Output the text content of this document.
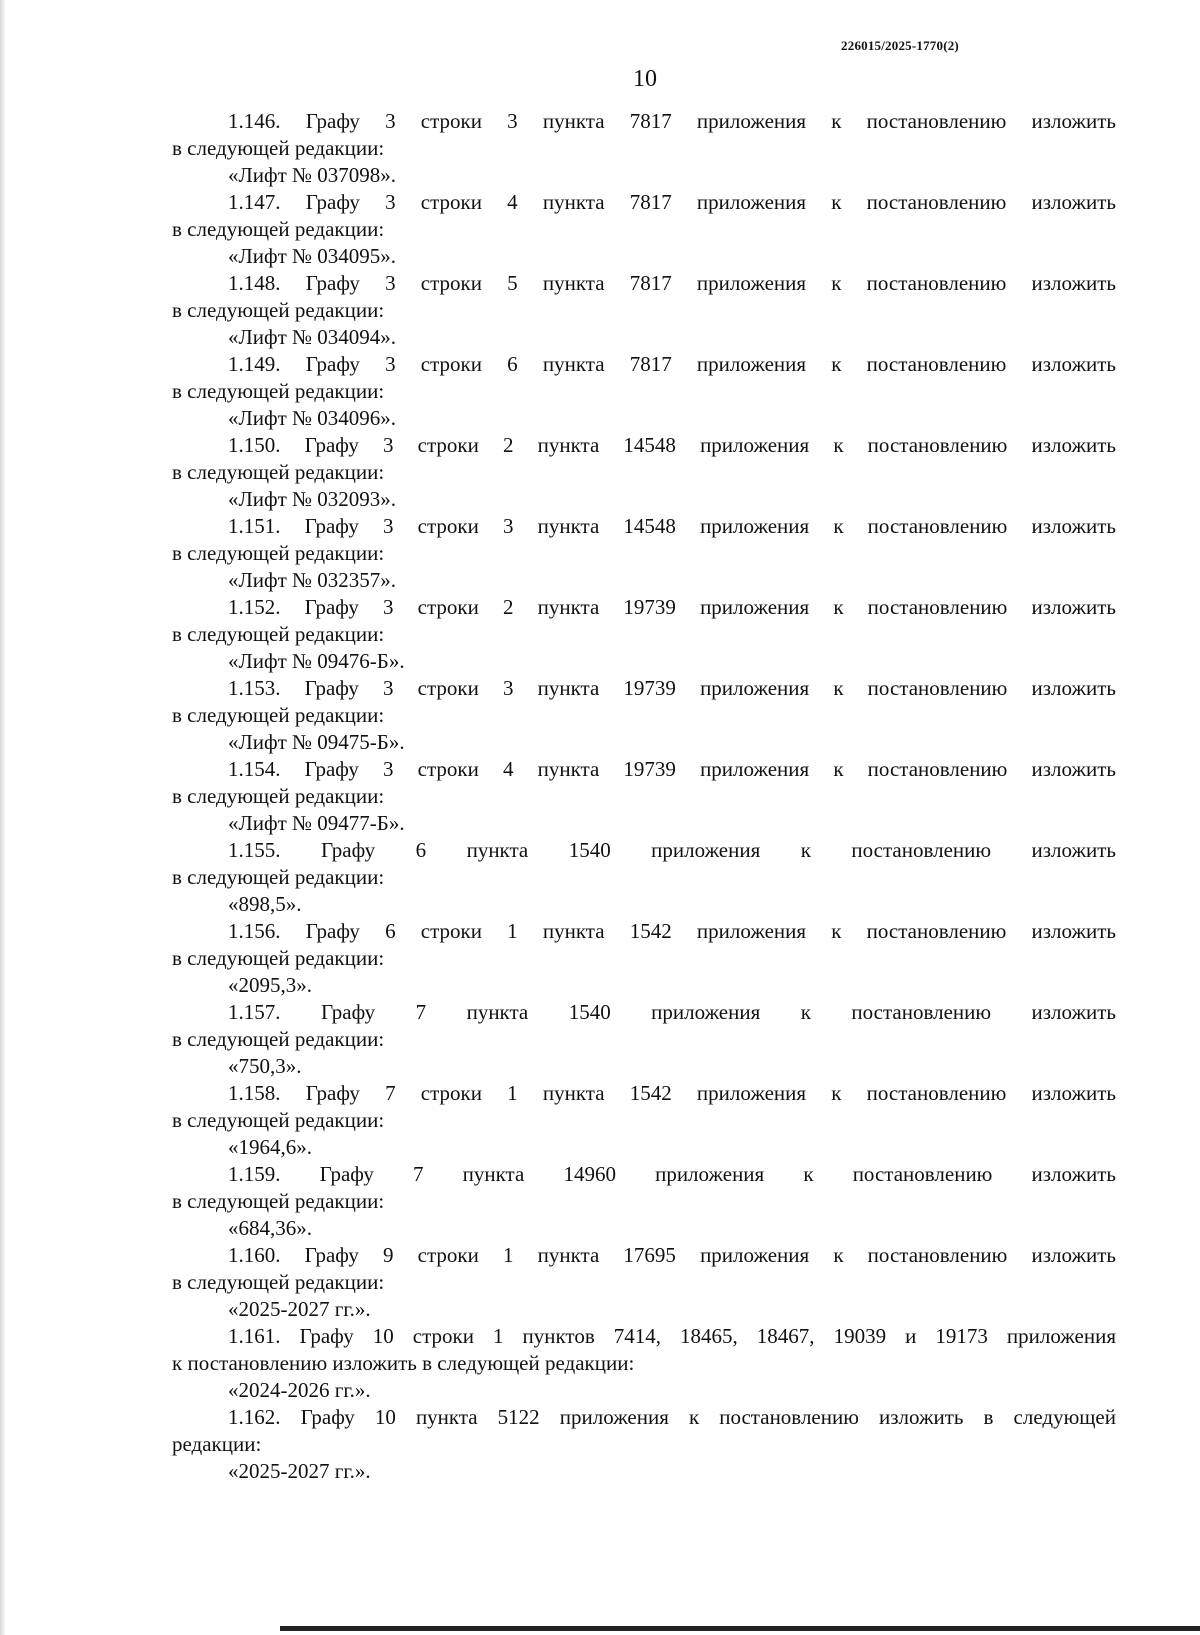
226015/2025-1770(2)
10
1.146. Графу 3 строки 3 пункта 7817 приложения к постановлению изложить
в следующей редакции:
«Лифт № 037098».
1.147. Графу 3 строки 4 пункта 7817 приложения к постановлению изложить
в следующей редакции:
«Лифт № 034095».
1.148. Графу 3 строки 5 пункта 7817 приложения к постановлению изложить
в следующей редакции:
«Лифт № 034094».
1.149. Графу 3 строки 6 пункта 7817 приложения к постановлению изложить
в следующей редакции:
«Лифт № 034096».
1.150. Графу 3 строки 2 пункта 14548 приложения к постановлению изложить
в следующей редакции:
«Лифт № 032093».
1.151. Графу 3 строки 3 пункта 14548 приложения к постановлению изложить
в следующей редакции:
«Лифт № 032357».
1.152. Графу 3 строки 2 пункта 19739 приложения к постановлению изложить
в следующей редакции:
«Лифт № 09476-Б».
1.153. Графу 3 строки 3 пункта 19739 приложения к постановлению изложить
в следующей редакции:
«Лифт № 09475-Б».
1.154. Графу 3 строки 4 пункта 19739 приложения к постановлению изложить
в следующей редакции:
«Лифт № 09477-Б».
1.155. Графу 6 пункта 1540 приложения к постановлению изложить
в следующей редакции:
«898,5».
1.156. Графу 6 строки 1 пункта 1542 приложения к постановлению изложить
в следующей редакции:
«2095,3».
1.157. Графу 7 пункта 1540 приложения к постановлению изложить
в следующей редакции:
«750,3».
1.158. Графу 7 строки 1 пункта 1542 приложения к постановлению изложить
в следующей редакции:
«1964,6».
1.159. Графу 7 пункта 14960 приложения к постановлению изложить
в следующей редакции:
«684,36».
1.160. Графу 9 строки 1 пункта 17695 приложения к постановлению изложить
в следующей редакции:
«2025-2027 гг.».
1.161. Графу 10 строки 1 пунктов 7414, 18465, 18467, 19039 и 19173 приложения
к постановлению изложить в следующей редакции:
«2024-2026 гг.».
1.162. Графу 10 пункта 5122 приложения к постановлению изложить в следующей
редакции:
«2025-2027 гг.».
